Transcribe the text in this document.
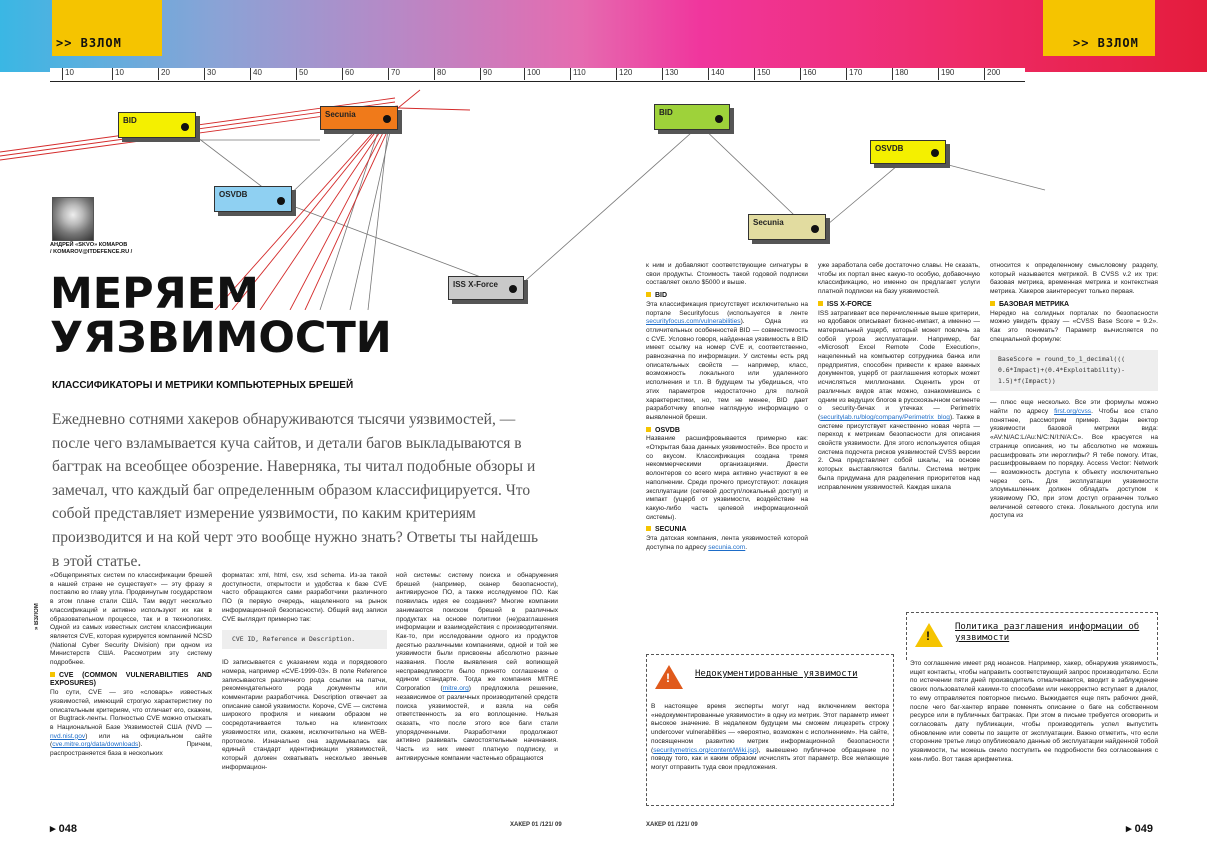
>> ВЗЛОМ	>> ВЗЛОМ
10	10	20	30	40	50	60	70	80	90	100	110	120	130	140	150	160	170	180	190	200
BID
Secunia
OSVDB
ISS X-Force
BID
OSVDB
Secunia
АНДРЕЙ «SKVO» КОМАРОВ
/ KOMAROV@ITDEFENCE.RU /
МЕРЯЕМ
УЯЗВИМОСТИ
КЛАССИФИКАТОРЫ И МЕТРИКИ КОМПЬЮТЕРНЫХ БРЕШЕЙ
Ежедневно сотнями хакеров обнаруживаются тысячи уязвимостей, — после чего взламывается куча сайтов, и детали багов выкладываются в багтрак на всеобщее обозрение. Наверняка, ты читал подобные обзоры и замечал, что каждый баг определенным образом классифицируется. Что собой представляет измерение уязвимости, по каким критериям производится и на кой черт это вообще нужно знать? Ответы ты найдешь в этой статье.
» ВЗЛОМ

«Общепринятых систем по классификации брешей в нашей стране не существует» — эту фразу я поставлю во главу угла. Продвинутым государством в этом плане стали США. Там ведут несколько классификаций и активно используют их как в образовательном процессе, так и в технологиях. Одной из самых известных систем классификации является CVE, которая курируется компанией NCSD (National Cyber Security Division) при одном из Министерств США. Рассмотрим эту систему подробнее.

CVE (COMMON VULNERABILITIES AND EXPOSURES)

По сути, CVE — это «словарь» известных уязвимостей, имеющий строгую характеристику по описательным критериям, что отличает его, скажем, от Bugtrack-ленты. Полностью CVE можно отыскать в Национальной Базе Уязвимостей США (NVD — nvd.nist.gov) или на официальном сайте (cve.mitre.org/data/downloads). Причем, распространяется база в нескольких

форматах: xml, html, csv, xsd schema. Из-за такой доступности, открытости и удобства к базе CVE часто обращаются сами разработчики различного ПО (в первую очередь, нацеленного на рынок информационной безопасности). Общий вид записи CVE выглядит примерно так:

CVE ID, Reference и Description.

ID записывается с указанием кода и порядкового номера, например «CVE-1999-03». В поле Reference записываются различного рода ссылки на патчи, рекомендательного рода документы или комментарии разработчика. Description отвечает за описание самой уязвимости. Короче, CVE — система широкого профиля и никаким образом не сосредотачивается только на клиентских уязвимостях или, скажем, исключительно на WEB-протоколе. Изначально она задумывалась как единый стандарт идентификации уязвимостей, который должен охватывать несколько звеньев информацион-

ной системы: систему поиска и обнаружения брешей (например, сканер безопасности), антивирусное ПО, а также исследуемое ПО. Как появилась идея ее создания? Многие компании занимаются поиском брешей в различных продуктах на основе политики (не)разглашения информации и взаимодействия с производителями. Как-то, при исследовании одного из продуктов десятью различными компаниями, одной и той же уязвимости были присвоены абсолютно разные названия. После выявления сей вопиющей несправедливости было принято соглашение о едином стандарте. Тогда же компания MITRE Corporation (mitre.org) предложила решение, независимое от различных производителей средств поиска уязвимостей, и взяла на себя ответственность за его воплощение. Нельзя сказать, что после этого все баги стали упорядоченными. Разработчики продолжают активно развивать самостоятельные начинания. Часть из них имеет платную подписку, и антивирусные компании частенько обращаются

к ним и добавляют соответствующие сигнатуры в свои продукты. Стоимость такой годовой подписки составляет около $5000 и выше.

BID

Эта классификация присутствует исключительно на портале Securityfocus (используется в ленте securityfocus.com/vulnerabilities). Одна из отличительных особенностей BID — совместимость с CVE. Условно говоря, найденная уязвимость в BID имеет ссылку на номер CVE и, соответственно, равнозначна по информации. У системы есть ряд описательных свойств — например, класс, возможность локального или удаленного исполнения и т.п. В будущем ты убедишься, что этих параметров недостаточно для полной характеристики, но, тем не менее, BID дает разработчику вполне наглядную информацию о выявленной бреши.

OSVDB

Название расшифровывается примерно как: «Открытая база данных уязвимостей». Все просто и со вкусом. Классификация создана тремя некоммерческими организациями. Двести волонтеров со всего мира активно участвуют в ее наполнении. Среди прочего присутствуют: локация эксплуатации (сетевой доступ/локальный доступ) и импакт (ущерб от уязвимости, воздействие на какую-либо часть целевой информационной системы).

SECUNIA

Эта датская компания, лента уязвимостей которой доступна по адресу secunia.com.

уже заработала себе достаточно славы. Не сказать, чтобы их портал внес какую-то особую, добавочную классификацию, но именно он предлагает услуги платной подписки на базу уязвимостей.

ISS X-FORCE

ISS затрагивает все перечисленные выше критерии, но вдобавок описывает бизнес-импакт, а именно — материальный ущерб, который может повлечь за собой угроза эксплуатации. Например, баг «Microsoft Excel Remote Code Execution», нацеленный на компьютер сотрудника банка или предприятия, способен привести к краже важных документов, ущерб от разглашения которых может исчисляться миллионами. Оценить урон от различных видов атак можно, ознакомившись с одним из ведущих блогов в русскоязычном сегменте о security-бичах и утечках — Perimetrix (securitylab.ru/blog/company/Perimetrix_blog). Также в системе присутствует качественно новая черта — переход к метрикам безопасности для описания свойств уязвимости. Для этого используется общая система подсчета рисков уязвимостей CVSS версии 2. Она представляет собой шкалы, на основе которых выставляются баллы. Система метрик была придумана для разделения приоритетов над исправлением уязвимостей. Каждая шкала

относится к определенному смысловому разделу, который называется метрикой. В CVSS v.2 их три: базовая метрика, временная метрика и контекстная метрика. Хакеров заинтересует только первая.

БАЗОВАЯ МЕТРИКА

Нередко на солидных порталах по безопасности можно увидеть фразу — «CVSS Base Score = 9.2». Как это понимать? Параметр вычисляется по специальной формуле:

BaseScore = round_to_1_decimal(((
0.6*Impact)+(0.4*Exploitability)-
1.5)*f(Impact))

— плюс еще несколько. Все эти формулы можно найти по адресу first.org/cvss. Чтобы все стало понятнее, рассмотрим пример. Задан вектор уязвимости базовой метрики вида: «AV:N/AC:L/Au:N/C:N/I:N/A:C». Все красуется на странице описания, но ты абсолютно не можешь расшифровать эти иероглифы? Я тебе помогу. Итак, расшифровываем по порядку. Access Vector: Network — возможность доступа к объекту исключительно через сеть. Для эксплуатации уязвимости злоумышленник должен обладать доступом к уязвимому ПО, при этом доступ ограничен только величиной сетевого стека. Локального доступа или доступа из

!	Недокументированные уязвимости
В настоящее время эксперты могут над включением вектора «недокументированные уязвимости» в одну из метрик. Этот параметр имеет высокое значение. В недалеком будущем мы сможем лицезреть строку undercover vulnerabilities — «вероятно, возможен с исполнением». На сайте, посвященном развитию метрик информационной безопасности (securitymetrics.org/content/Wiki.jsp), вывешено публичное обращение по поводу того, как и каким образом исчислять этот параметр. Все желающие могут отправить туда свои предложения.
!
Политика разглашения информации об уязвимости
Это соглашение имеет ряд нюансов. Например, хакер, обнаружив уязвимость, ищет контакты, чтобы направить соответствующий запрос производителю. Если по истечении пяти дней производитель отмалчивается, вводит в заблуждение своих пользователей какими-то способами или некорректно вступает в диалог, то ему отправляется повторное письмо. Выжидается еще пять рабочих дней, после чего баг-хантер вправе поменять описание о баге на собственном ресурсе или в публичных багтраках. При этом в письме требуется оговорить и согласовать дату публикации, чтобы производитель успел выпустить обновление или советы по защите от эксплуатации. Важно отметить, что если сторонние третье лицо опубликовало данные об эксплуатации найденной тобой уязвимости, ты можешь смело поступить ее подробности без согласования с кем-либо. Вот такая арифметика.
▸ 048	ХАКЕР 01 /121/ 09	ХАКЕР 01 /121/ 09	▸ 049
